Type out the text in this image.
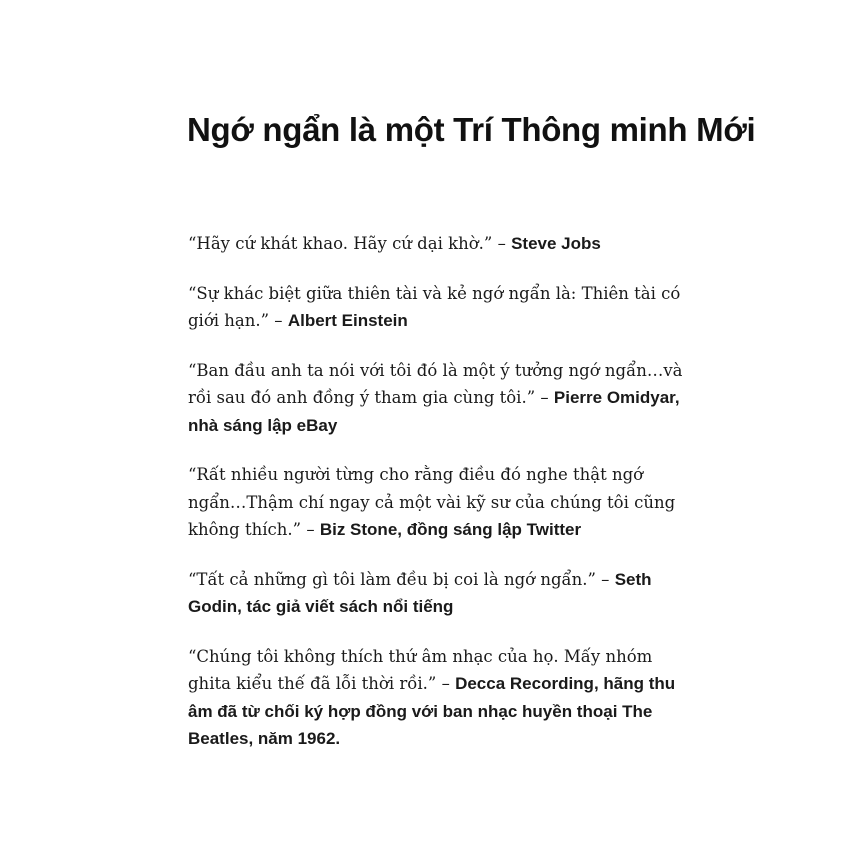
Ngớ ngẩn là một Trí Thông minh Mới

“Hãy cứ khát khao. Hãy cứ dại khờ.” – Steve Jobs

“Sự khác biệt giữa thiên tài và kẻ ngớ ngẩn là: Thiên tài có giới hạn.” – Albert Einstein

“Ban đầu anh ta nói với tôi đó là một ý tưởng ngớ ngẩn…và rồi sau đó anh đồng ý tham gia cùng tôi.” – Pierre Omidyar, nhà sáng lập eBay

“Rất nhiều người từng cho rằng điều đó nghe thật ngớ ngẩn…Thậm chí ngay cả một vài kỹ sư của chúng tôi cũng không thích.” – Biz Stone, đồng sáng lập Twitter

“Tất cả những gì tôi làm đều bị coi là ngớ ngẩn.” – Seth Godin, tác giả viết sách nổi tiếng

“Chúng tôi không thích thứ âm nhạc của họ. Mấy nhóm ghita kiểu thế đã lỗi thời rồi.” – Decca Recording, hãng thu âm đã từ chối ký hợp đồng với ban nhạc huyền thoại The Beatles, năm 1962.
